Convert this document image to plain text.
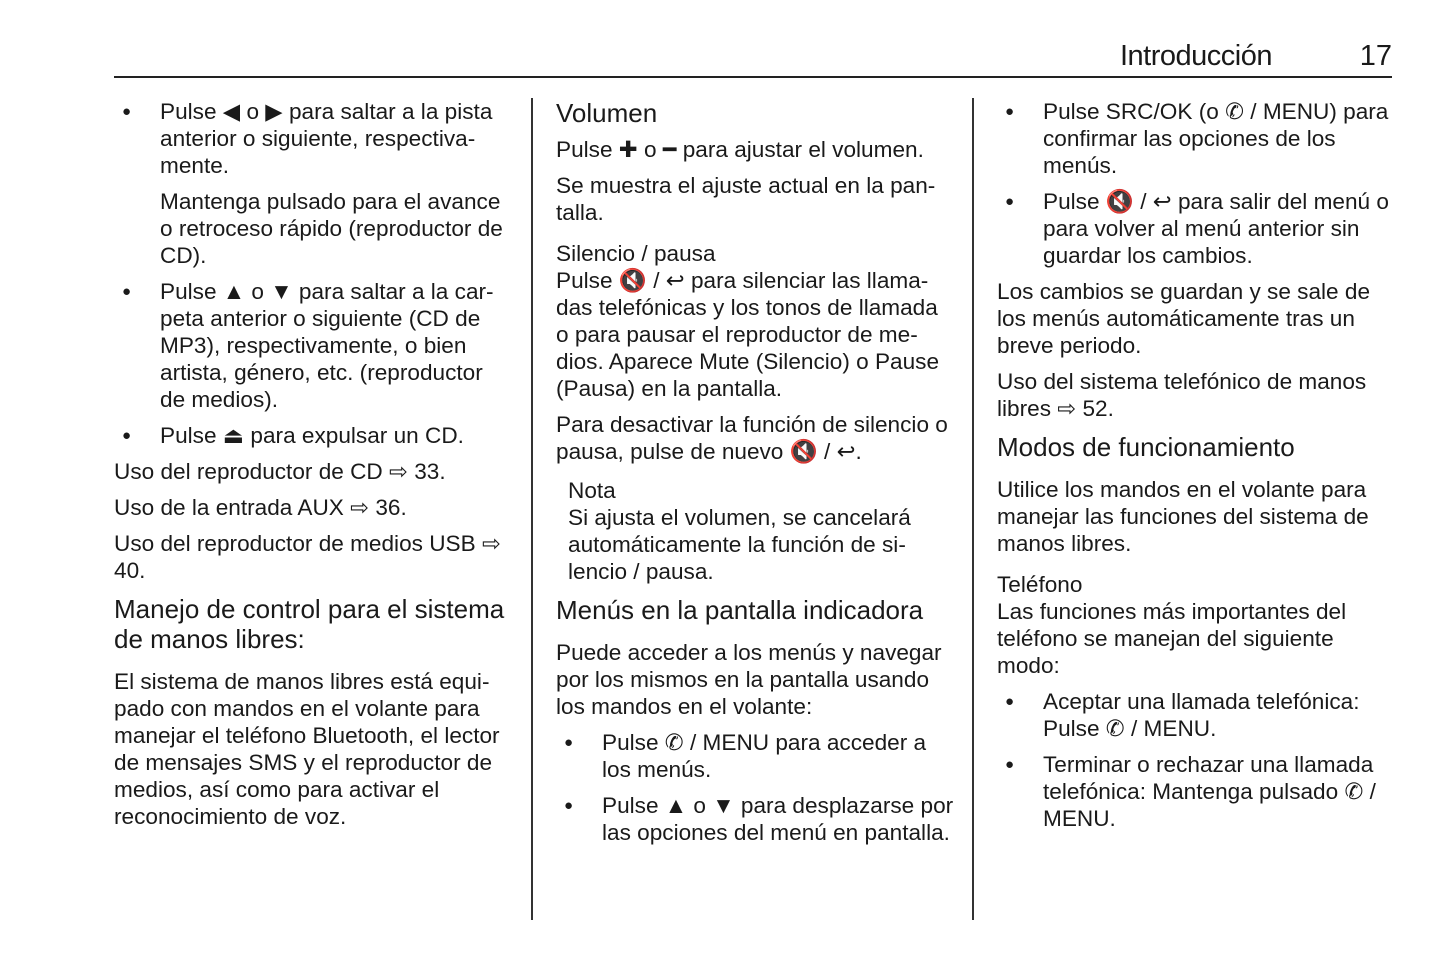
Introducción	17
● Pulse ◀ o ▶ para saltar a la pista anterior o siguiente, respectivamente.
Mantenga pulsado para el avance o retroceso rápido (reproductor de CD).
● Pulse ▲ o ▼ para saltar a la carpeta anterior o siguiente (CD de MP3), respectivamente, o bien artista, género, etc. (reproductor de medios).
● Pulse ⏏ para expulsar un CD.

Uso del reproductor de CD ⇨ 33.

Uso de la entrada AUX ⇨ 36.

Uso del reproductor de medios USB ⇨ 40.

Manejo de control para el sistema de manos libres:

El sistema de manos libres está equipado con mandos en el volante para manejar el teléfono Bluetooth, el lector de mensajes SMS y el reproductor de medios, así como para activar el reconocimiento de voz.

Volumen

Pulse ✚ o ━ para ajustar el volumen.

Se muestra el ajuste actual en la pantalla.

Silencio / pausa

Pulse 🔇 / ↩ para silenciar las llamadas telefónicas y los tonos de llamada o para pausar el reproductor de medios. Aparece Mute (Silencio) o Pause (Pausa) en la pantalla.

Para desactivar la función de silencio o pausa, pulse de nuevo 🔇 / ↩.

Nota
Si ajusta el volumen, se cancelará automáticamente la función de silencio / pausa.
Menús en la pantalla indicadora

Puede acceder a los menús y navegar por los mismos en la pantalla usando los mandos en el volante:

● Pulse ✆ / MENU para acceder a los menús.
● Pulse ▲ o ▼ para desplazarse por las opciones del menú en pantalla.
● Pulse SRC/OK (o ✆ / MENU) para confirmar las opciones de los menús.
● Pulse 🔇 / ↩ para salir del menú o para volver al menú anterior sin guardar los cambios.

Los cambios se guardan y se sale de los menús automáticamente tras un breve periodo.

Uso del sistema telefónico de manos libres ⇨ 52.

Modos de funcionamiento

Utilice los mandos en el volante para manejar las funciones del sistema de manos libres.

Teléfono

Las funciones más importantes del teléfono se manejan del siguiente modo:

● Aceptar una llamada telefónica: Pulse ✆ / MENU.
● Terminar o rechazar una llamada telefónica: Mantenga pulsado ✆ / MENU.
